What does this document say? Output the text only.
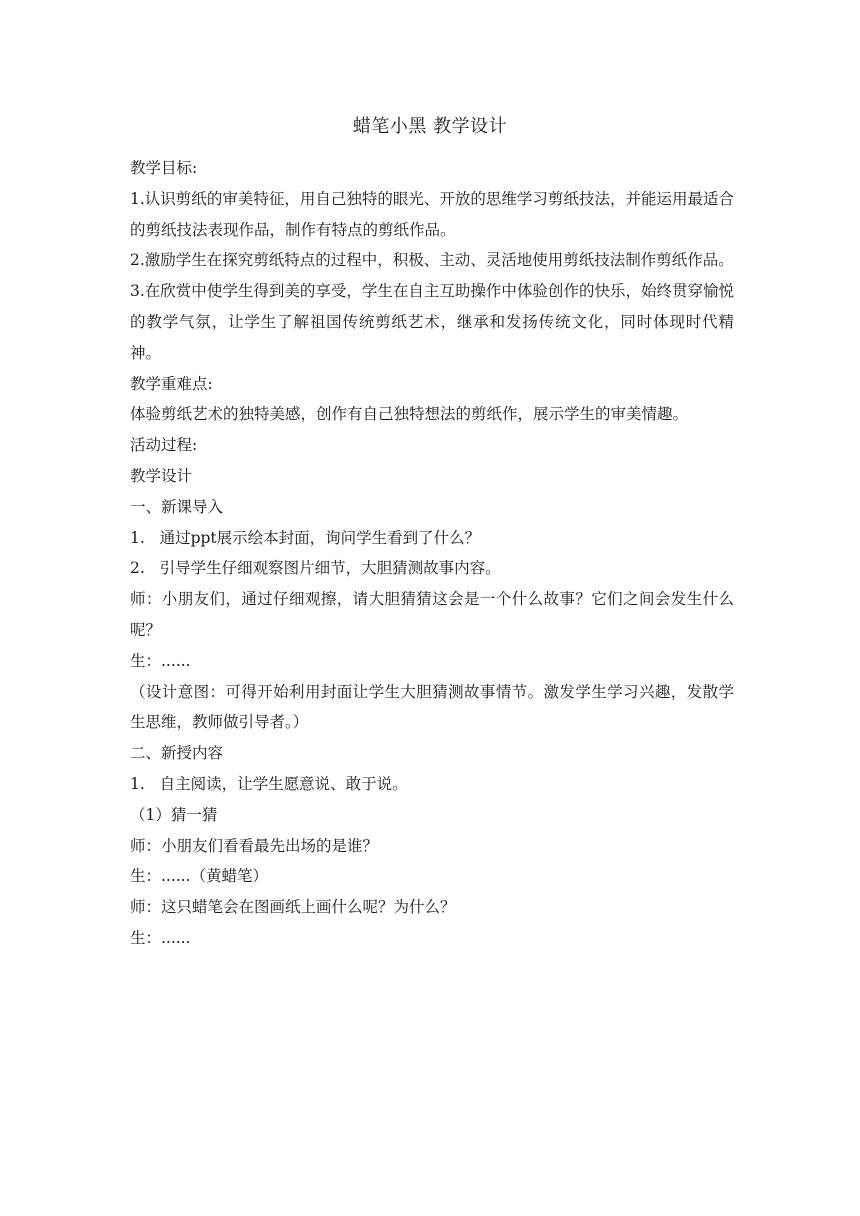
蜡笔小黑 教学设计

教学目标:

1.认识剪纸的审美特征，用自己独特的眼光、开放的思维学习剪纸技法，并能运用最适合的剪纸技法表现作品，制作有特点的剪纸作品。

2.激励学生在探究剪纸特点的过程中，积极、主动、灵活地使用剪纸技法制作剪纸作品。

3.在欣赏中使学生得到美的享受，学生在自主互助操作中体验创作的快乐，始终贯穿愉悦的教学气氛，让学生了解祖国传统剪纸艺术，继承和发扬传统文化，同时体现时代精神。

教学重难点:

体验剪纸艺术的独特美感，创作有自己独特想法的剪纸作，展示学生的审美情趣。

活动过程:

教学设计

一、新课导入

1.   通过ppt展示绘本封面，询问学生看到了什么？

2.   引导学生仔细观察图片细节，大胆猜测故事内容。

师：小朋友们，通过仔细观擦，请大胆猜猜这会是一个什么故事？它们之间会发生什么呢？

生：......

（设计意图：可得开始利用封面让学生大胆猜测故事情节。激发学生学习兴趣，发散学生思维，教师做引导者。）

二、新授内容

1.   自主阅读，让学生愿意说、敢于说。

（1）猜一猜

师：小朋友们看看最先出场的是谁？

生：......（黄蜡笔）

师：这只蜡笔会在图画纸上画什么呢？为什么？

生：......
